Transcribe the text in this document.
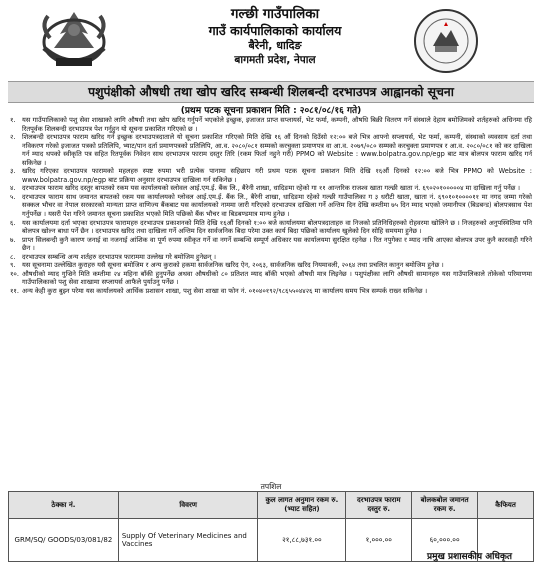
गल्छी गाउँपालिका
गाउँ कार्यपालिकाको कार्यालय
बैरेनी, धादिङ
बागमती प्रदेश, नेपाल
पशुपंक्षीको औषधी तथा खोप खरिद सम्बन्धी शिलबन्दी दरभाउपत्र आह्वानको सूचना
(प्रथम पटक सूचना प्रकाशन मिति : २०८१/०८/१६ गते)
१. यस गाउँपालिकाको पशु सेवा शाखाको लागि औषधी तथा खोप खरिद गर्नुपर्ने भएकोले इच्छुक, इजाजत प्राप्त सप्लायर्स, भेट फर्मा, कम्पनी, औषधि बिक्री वितरण गर्ने संस्थाले देहाय बमोजिमको शर्तहरुको अधिनमा रहि रितपूर्वक शिलबन्दी दरभाउपत्र पेश गर्नुहुन यो सूचना प्रकाशित गरिएको छ ।
२. शिलबन्दी दरभाउपत्र फाराम खरिद गर्न इच्छुक दरभाउपत्रदाताले यो सूचना प्रकाशित गरिएको मिति देखि १६ औं दिनको दिउँसो १२:०० बजे भित्र आफ्नो सप्लायर्स, भेट फर्मा, कम्पनी, संस्थाको व्यवसाय दर्ता तथा नविकरण गरेको इजाजत पत्रको प्रतिलिपि, भ्याट/पान दर्ता प्रमाणपत्रको प्रतिलिपि, आ.व. २०८०/०८१ सम्मको करचुक्ता प्रमाणपत्र वा आ.व. २०७९/०८० सम्मको करचुक्ता प्रमाणपत्र र आ.व. २०८०/०८१ को कर दाखिला गर्न म्याद थपको स्वीकृति पत्र सहित रितपूर्वक निवेदन साथ दरभाउपत्र फाराम दस्तुर तिरि (रकम फिर्ता नहुने गरी) PPMO को Website : www.bolpatra.gov.np/egp बाट मात्र बोलपत्र फाराम खरिद गर्न सकिनेछ ।
३. खरिद गरिएका दरभाउपत्र फारामको महलहरु स्पष्ट रुपमा भरी प्रत्येक पानामा सहिछाप गरी प्रथम पटक सूचना प्रकाशन मिति देखि १६औं दिनको १२:०० बजे भित्र PPMO को Website : www.bolpatra.gov.np/egp बाट प्रक्रिया अनुसार दरभाउपत्र दाखिला गर्न सकिनेछ ।
४. दरभाउपत्र फाराम खरिद दस्तुर बापतको रकम यस कार्यालयको स्लोवल आई.एम.ई. बैंक लि., बैरेनी शाखा, धादिङमा रहेको गा ११ आन्तरिक राजश्व खाता गल्छी खाता नं. ६९०२०१०००००४ मा दाखिला गर्नु पर्नेछ ।
५. दरभाउपत्र फाराम साथ जमानत बापतको रकम यस कार्यालयको ग्लोवल आई.एम.ई. बैंक लि., बैरेनी शाखा, धादिङमा रहेको गल्छी गाउँपालिका ग ३ धरौटी खाता, खाता नं. ६९०१०१००००११ मा नगद जम्मा गरेको सक्कल भौचर वा नेपाल सरकारको मान्यता प्राप्त वाणिज्य बैंकबाट यस कार्यालयको नाममा जारी गरिएको दरभाउपत्र दाखिला गर्ने अन्तिम दिन देखि कम्तीमा ७५ दिन म्याद भएको जमानीपत्र (बिडबन्ड) बोलपत्रसाथ पेश गर्नुपर्नेछ । यसरी पेश गरिने जमानत सूचना प्रकाशित भएको मिति पछिको बैंक भौचर वा बिडबण्डमात्र मान्य हुनेछ ।
६. यस कार्यालयमा दर्ता भएका दरभाउपत्र फारामहरु दरभाउपत्र प्रकाशनको मिति देखि १६औं दिनको १:०० बजे कार्यालयमा बोलपत्रदाताहरु वा निजको प्रतिनिधिहरुको रोहवरमा खोलिने छ । निजहरुको अनुपस्थितिमा पनि बोलपत्र खोल्न बाधा पर्ने छैन । दरभाउपत्र खरिद तथा दाखिला गर्ने अन्तिम दिन सार्वजनिक बिदा परेमा उक्त कार्य बिदा पछिको कार्यालय खुलेको दिन सोहि समयमा हुनेछ ।
७. प्राप्त सिलबन्दी कुनै कारण जनाई वा नजनाई आंशिक वा पूर्ण रुपमा स्वीकृत गर्ने वा नगर्ने सम्बन्धि सम्पूर्ण अधिकार यस कार्यालयमा सुरक्षित रहनेछ । रित नपुगेका र म्याद नाघि आएका बोलपत्र उपर कुनै कारवाही गरिने छैन ।
८. दरभाउपत्र सम्बन्धि अन्य शर्तहरु दरभाउपत्र फाराममा उल्लेख गरे बमोजिम हुनेछन् ।
९. यस सूचनामा उल्लेखित कुराहरु यसै सूचना बमोजिम र अन्य कुराको हकमा सार्वजनिक खरिद ऐन, २०६३, सार्वजनिक खरिद नियमावली, २०६४ तथा प्रचलित कानुन बमोजिम हुनेछ ।
१०. औषधीको म्याद गुज्रिने मिति कम्तीमा २४ महिना बाँकी हुनुपर्नेछ अथवा औषधीको ८० प्रतिशत म्याद बाँकी भएको औषधी मात्र लिइनेछ । पशुपंक्षीका लागि औषधी सामानहरु यस गाउँपालिकाले तोकेको परिमाणमा गाउँपालिकाको पशु सेवा शाखामा सप्लायर्स आफैले पुर्याउनु पर्नेछ ।
११. अन्य केही कुरा बुझ्न परेमा यस कार्यालयको आर्थिक प्रशासन शाखा, पशु सेवा शाखा वा फोन नं. ०१०४०१९२/९८६५५०४४२६ मा कार्यालय समय भित्र सम्पर्क राख्न सकिनेछ ।
तपशिल
ठेक्का नं.	विवरण	कुल लागत अनुमान रकम रु. (भ्याट सहित)	दरभाउपत्र फाराम दस्तुर रु.	बोलकबोल जमानत रकम रु.	कैफियत
GRM/SQ/ GOODS/03/081/82	Supply Of Veterinary Medicines and Vaccines	२१,८८,७३१.००	१,०००.००	६०,०००.००	
प्रमुख प्रशासकीय अधिकृत
